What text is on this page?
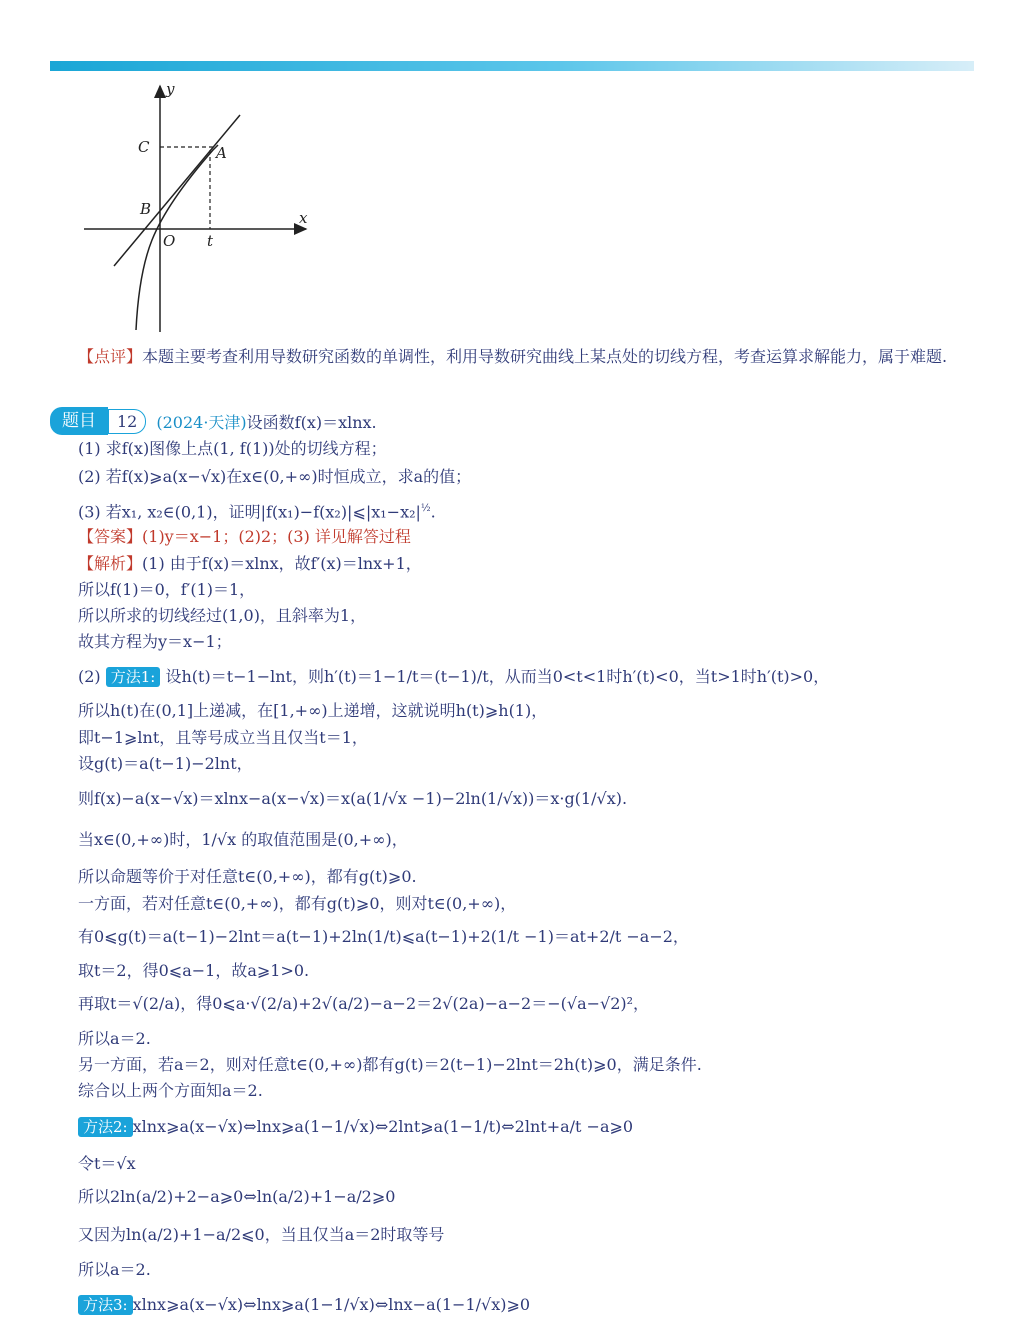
y
x
C	A
B
O t
【点评】本题主要考查利用导数研究函数的单调性，利用导数研究曲线上某点处的切线方程，考查运算求解能力，属于难题.
题目	12	(2024·天津)设函数f(x)＝xlnx.
(1) 求f(x)图像上点(1, f(1))处的切线方程；
(2) 若f(x)⩾a(x−√x)在x∈(0,+∞)时恒成立，求a的值；
(3) 若x₁, x₂∈(0,1)，证明$|f(x_1)-f(x_2)|⩽|x_1-x_2|^{\frac{1}{2}}$.
【答案】(1)y＝x−1；(2)2；(3) 详见解答过程
【解析】(1) 由于f(x)＝xlnx，故f′(x)＝lnx+1，
所以f(1)＝0，f′(1)＝1，
所以所求的切线经过(1,0)，且斜率为1，
故其方程为y＝x−1；
(2) 方法1: 设h(t)＝t−1−lnt，则h′(t)＝1−1/t＝(t−1)/t，从而当0<t<1时h′(t)<0，当t>1时h′(t)>0，
所以h(t)在(0,1]上递减，在[1,+∞)上递增，这就说明h(t)⩾h(1)，
即t−1⩾lnt，且等号成立当且仅当t＝1，
设g(t)＝a(t−1)−2lnt，
则f(x)−a(x−√x)＝xlnx−a(x−√x)＝x(a(1/√x −1)−2ln(1/√x))＝x·g(1/√x).
当x∈(0,+∞)时，1/√x 的取值范围是(0,+∞)，
所以命题等价于对任意t∈(0,+∞)，都有g(t)⩾0.
一方面，若对任意t∈(0,+∞)，都有g(t)⩾0，则对t∈(0,+∞)，
有0⩽g(t)＝a(t−1)−2lnt＝a(t−1)+2ln(1/t)⩽a(t−1)+2(1/t −1)＝at+2/t −a−2，
取t＝2，得0⩽a−1，故a⩾1>0.
再取t＝√(2/a)，得0⩽a·√(2/a)+2√(a/2)−a−2＝2√(2a)−a−2＝−(√a−√2)²，
所以a＝2.
另一方面，若a＝2，则对任意t∈(0,+∞)都有g(t)＝2(t−1)−2lnt＝2h(t)⩾0，满足条件.
综合以上两个方面知a＝2.
方法2: xlnx⩾a(x−√x)⇔lnx⩾a(1−1/√x)⇔2lnt⩾a(1−1/t)⇔2lnt+a/t −a⩾0
令t＝√x
所以2ln(a/2)+2−a⩾0⇔ln(a/2)+1−a/2⩾0
又因为ln(a/2)+1−a/2⩽0，当且仅当a＝2时取等号
所以a＝2.
方法3: xlnx⩾a(x−√x)⇔lnx⩾a(1−1/√x)⇔lnx−a(1−1/√x)⩾0
